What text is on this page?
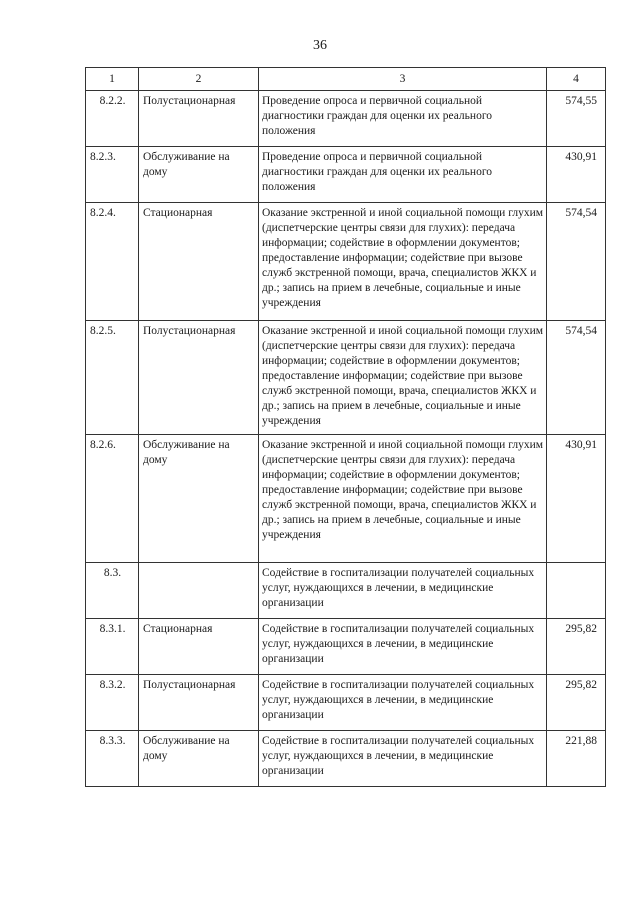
36
1	2	3	4
8.2.2.	Полустационарная	Проведение опроса и первичной социальной диагностики граждан для оценки их реального положения	574,55
8.2.3.	Обслуживание на дому	Проведение опроса и первичной социальной диагностики граждан для оценки их реального положения	430,91
8.2.4.	Стационарная	Оказание экстренной и иной социальной помощи глухим (диспетчерские центры связи для глухих): передача информации; содействие в оформлении документов; предоставление информации; содействие при вызове служб экстренной помощи, врача, специалистов ЖКХ и др.; запись на прием в лечебные, социальные и иные учреждения	574,54
8.2.5.	Полустационарная	Оказание экстренной и иной социальной помощи глухим (диспетчерские центры связи для глухих): передача информации; содействие в оформлении документов; предоставление информации; содействие при вызове служб экстренной помощи, врача, специалистов ЖКХ и др.; запись на прием в лечебные, социальные и иные учреждения	574,54
8.2.6.	Обслуживание на дому	Оказание экстренной и иной социальной помощи глухим (диспетчерские центры связи для глухих): передача информации; содействие в оформлении документов; предоставление информации; содействие при вызове служб экстренной помощи, врача, специалистов ЖКХ и др.; запись на прием в лечебные, социальные и иные учреждения	430,91
8.3.		Содействие в госпитализации получателей социальных услуг, нуждающихся в лечении, в медицинские организации	
8.3.1.	Стационарная	Содействие в госпитализации получателей социальных услуг, нуждающихся в лечении, в медицинские организации	295,82
8.3.2.	Полустационарная	Содействие в госпитализации получателей социальных услуг, нуждающихся в лечении, в медицинские организации	295,82
8.3.3.	Обслуживание на дому	Содействие в госпитализации получателей социальных услуг, нуждающихся в лечении, в медицинские организации	221,88
